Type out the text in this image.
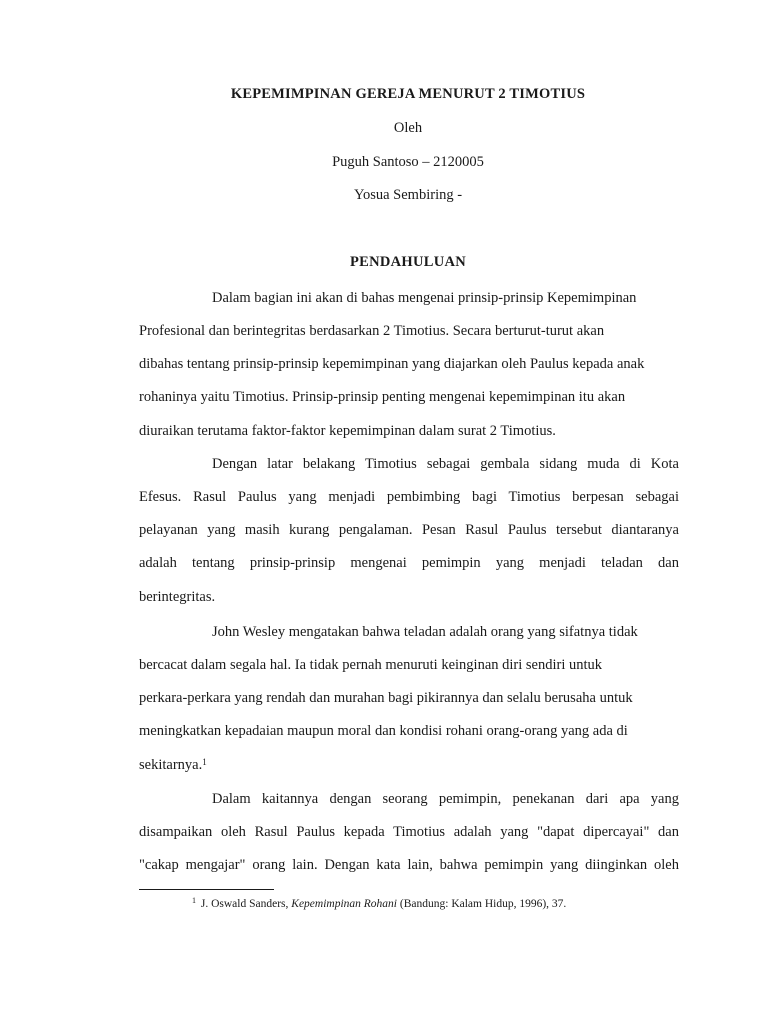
KEPEMIMPINAN GEREJA MENURUT 2 TIMOTIUS
Oleh
Puguh Santoso – 2120005
Yosua Sembiring -
PENDAHULUAN
Dalam bagian ini akan di bahas mengenai prinsip-prinsip Kepemimpinan
Profesional dan berintegritas berdasarkan 2 Timotius. Secara berturut-turut akan
dibahas tentang prinsip-prinsip kepemimpinan yang diajarkan oleh Paulus kepada anak
rohaninya yaitu Timotius. Prinsip-prinsip penting mengenai kepemimpinan itu akan
diuraikan terutama faktor-faktor kepemimpinan dalam surat 2 Timotius.
Dengan latar belakang Timotius sebagai gembala sidang muda di Kota
Efesus. Rasul Paulus yang menjadi pembimbing bagi Timotius berpesan sebagai
pelayanan yang masih kurang pengalaman. Pesan Rasul Paulus tersebut diantaranya
adalah tentang prinsip-prinsip mengenai pemimpin yang menjadi teladan dan
berintegritas.
John Wesley mengatakan bahwa teladan adalah orang yang sifatnya tidak
bercacat dalam segala hal. Ia tidak pernah menuruti keinginan diri sendiri untuk
perkara-perkara yang rendah dan murahan bagi pikirannya dan selalu berusaha untuk
meningkatkan kepadaian maupun moral dan kondisi rohani orang-orang yang ada di
sekitarnya.$^1$
Dalam kaitannya dengan seorang pemimpin, penekanan dari apa yang
disampaikan oleh Rasul Paulus kepada Timotius adalah yang "dapat dipercayai" dan
"cakap mengajar" orang lain. Dengan kata lain, bahwa pemimpin yang diinginkan oleh
$^1$ J. Oswald Sanders, Kepemimpinan Rohani (Bandung: Kalam Hidup, 1996), 37.
